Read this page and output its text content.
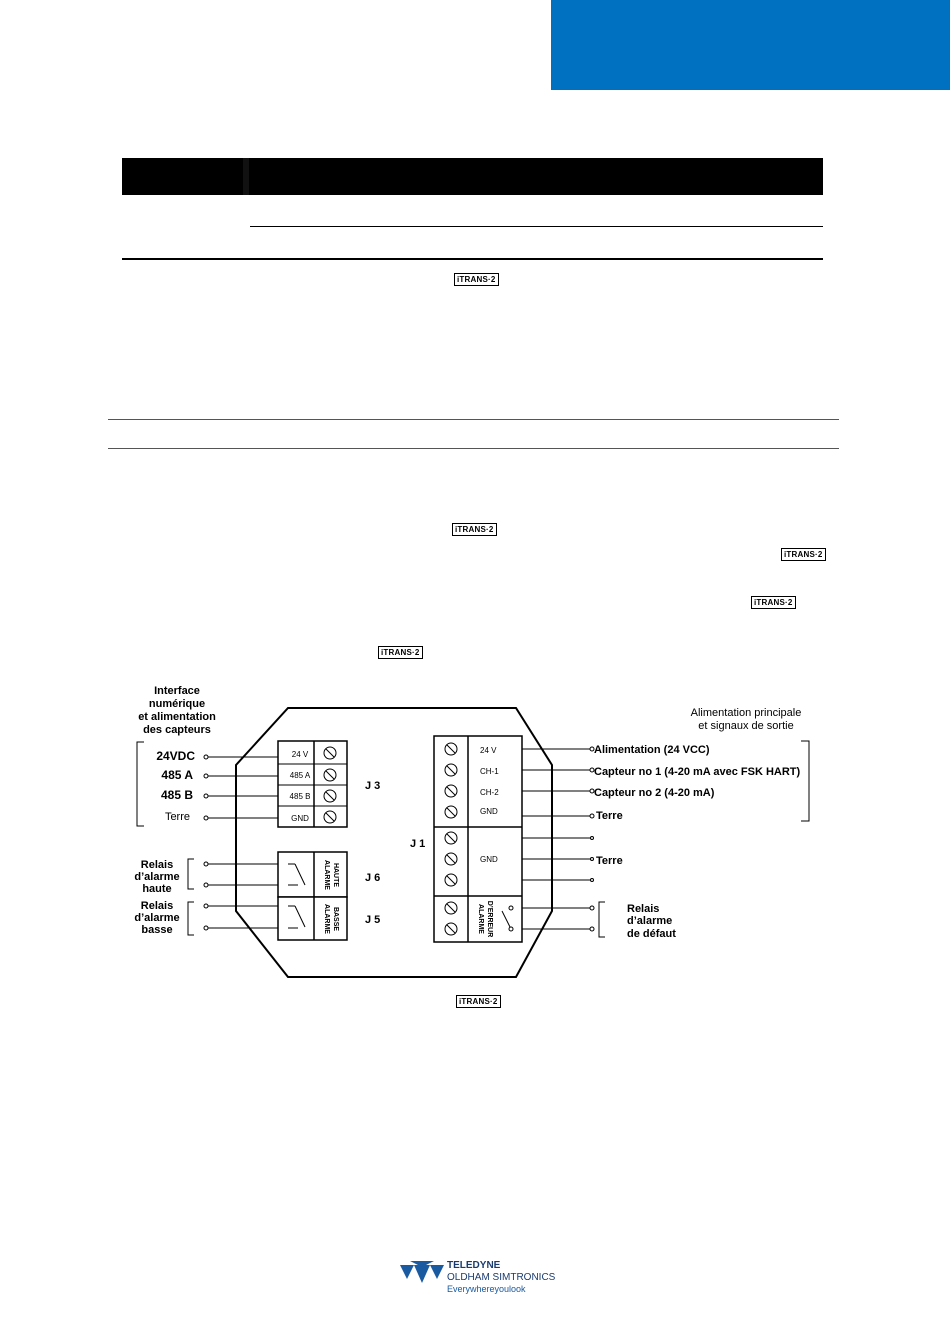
iTRANS·2
iTRANS·2
iTRANS·2
iTRANS·2
iTRANS·2
iTRANS·2
Interface
numérique
et alimentation
des capteurs
24VDC
485 A
485 B
Terre
24 V
485 A
485 B
GND
J 3
Relais
d’alarme
haute
Relais
d’alarme
basse
ALARME HAUTE
ALARME BASSE
J 6
J 5
J 1
24 V
CH-1
CH-2
GND
GND
ALARME D’ERREUR
Alimentation principale
et signaux de sortie
Alimentation (24 VCC)
Capteur no 1 (4-20 mA avec FSK HART)
Capteur no 2 (4-20 mA)
Terre
Terre
Relais
d’alarme
de défaut
TELEDYNE
OLDHAM SIMTRONICS
Everywhereyoulook
